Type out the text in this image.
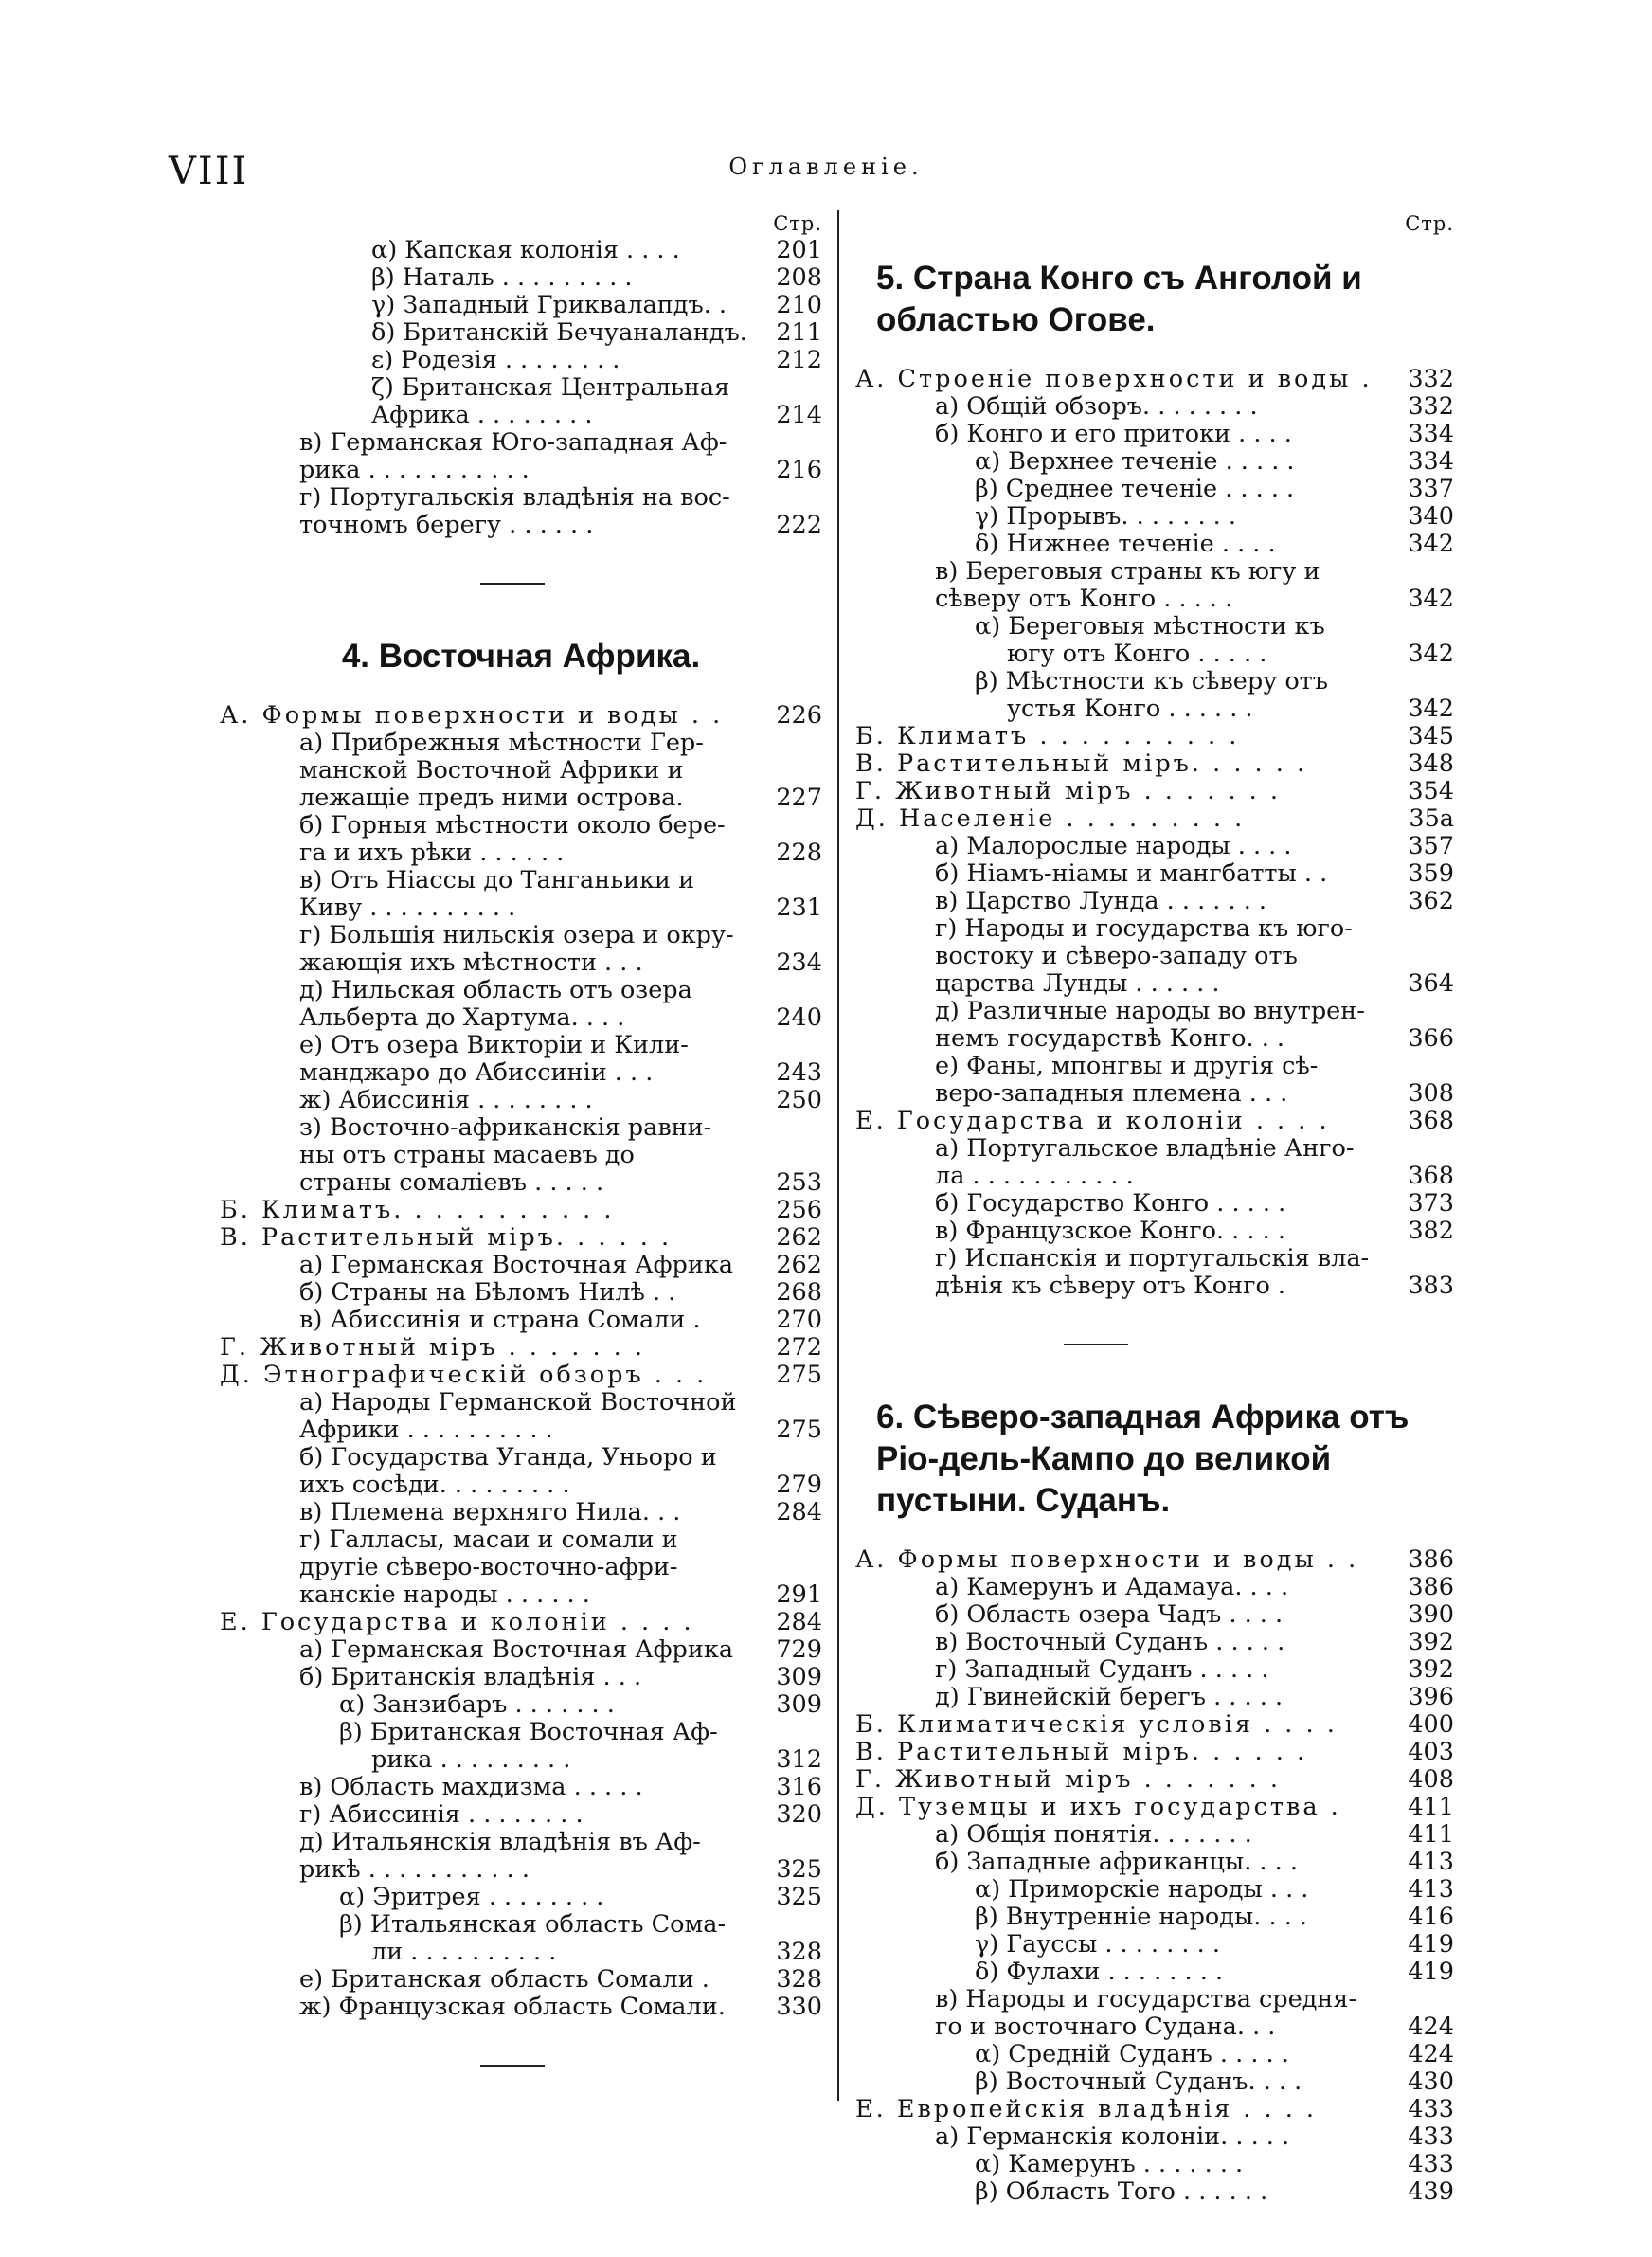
VIII	Оглавленіе.
Стр.
α) Капская колонія . . . .	201
β) Наталь . . . . . . . . .	208
γ) Западный Гриквалапдъ. .	210
δ) Британскій Бечуаналандъ.	211
ε) Родезія . . . . . . . .	212
ζ) Британская Центральная
Африка . . . . . . . .	214
в) Германская Юго-западная Аф-
рика . . . . . . . . . . .	216
г) Португальскія владѣнія на вос-
точномъ берегу . . . . . .	222
4. Восточная Африка.
А. Формы поверхности и воды . .	226
а) Прибрежныя мѣстности Гер-
манской Восточной Африки и
лежащіе предъ ними острова.	227
б) Горныя мѣстности около бере-
га и ихъ рѣки . . . . . .	228
в) Отъ Ніассы до Танганьики и
Киву . . . . . . . . . .	231
г) Большія нильскія озера и окру-
жающія ихъ мѣстности . . .	234
д) Нильская область отъ озера
Альберта до Хартума. . . .	240
е) Отъ озера Викторіи и Кили-
манджаро до Абиссиніи . . .	243
ж) Абиссинія . . . . . . . .	250
з) Восточно-африканскія равни-
ны отъ страны масаевъ до
страны сомалiевъ . . . . .	253
Б. Климатъ. . . . . . . . . . .	256
В. Растительный міръ. . . . . .	262
а) Германская Восточная Африка	262
б) Страны на Бѣломъ Нилѣ . .	268
в) Абиссинія и страна Сомали .	270
Г. Животный міръ . . . . . . .	272
Д. Этнографическій обзоръ . . .	275
а) Народы Германской Восточной
Африки . . . . . . . . . .	275
б) Государства Уганда, Уньоро и
ихъ сосѣди. . . . . . . . .	279
в) Племена верхняго Нила. . .	284
г) Галласы, масаи и сомали и
другіе сѣверо-восточно-афри-
канскіе народы . . . . . .	291
Е. Государства и колоніи . . . .	284
а) Германская Восточная Африка	729
б) Британскія владѣнія . . .	309
α) Занзибаръ . . . . . . .	309
β) Британская Восточная Аф-
рика . . . . . . . . .	312
в) Область махдизма . . . . .	316
г) Абиссинія . . . . . . . .	320
д) Итальянскія владѣнія въ Аф-
рикѣ . . . . . . . . . . .	325
α) Эритрея . . . . . . . .	325
β) Итальянская область Сома-
ли . . . . . . . . . .	328
е) Британская область Сомали .	328
ж) Французская область Сомали.	330
Стр.
5. Страна Конго съ Анголой и областью Огове.
А. Строеніе поверхности и воды .	332
а) Общій обзоръ. . . . . . . .	332
б) Конго и его притоки . . . .	334
α) Верхнее теченіе . . . . .	334
β) Среднее теченіе . . . . .	337
γ) Прорывъ. . . . . . . .	340
δ) Нижнее теченіе . . . .	342
в) Береговыя страны къ югу и
сѣверу отъ Конго . . . . .	342
α) Береговыя мѣстности къ
югу отъ Конго . . . . .	342
β) Мѣстности къ сѣверу отъ
устья Конго . . . . . .	342
Б. Климатъ . . . . . . . . . .	345
В. Растительный міръ. . . . . .	348
Г. Животный міръ . . . . . . .	354
Д. Населеніе . . . . . . . . .	35а
а) Малорослые народы . . . .	357
б) Ніамъ-ніамы и мангбатты . .	359
в) Царство Лунда . . . . . . .	362
г) Народы и государства къ юго-
востоку и сѣверо-западу отъ
царства Лунды . . . . . .	364
д) Различные народы во внутрен-
немъ государствѣ Конго. . .	366
е) Фаны, мпонгвы и другія сѣ-
веро-западныя племена . . .	308
Е. Государства и колоніи . . . .	368
а) Португальское владѣніе Анго-
ла . . . . . . . . . . .	368
б) Государство Конго . . . . .	373
в) Французское Конго. . . . .	382
г) Испанскія и португальскія вла-
дѣнія къ сѣверу отъ Конго .	383
6. Сѣверо-западная Африка отъ Ріо-дель-Кампо до великой пустыни. Суданъ.
А. Формы поверхности и воды . .	386
а) Камерунъ и Адамауа. . . .	386
б) Область озера Чадъ . . . .	390
в) Восточный Суданъ . . . . .	392
г) Западный Суданъ . . . . .	392
д) Гвинейскій берегъ . . . . .	396
Б. Климатическія условія . . . .	400
В. Растительный міръ. . . . . .	403
Г. Животный міръ . . . . . . .	408
Д. Туземцы и ихъ государства .	411
а) Общія понятія. . . . . . .	411
б) Западные африканцы. . . .	413
α) Приморскіе народы . . .	413
β) Внутренніе народы. . . .	416
γ) Гауссы . . . . . . . .	419
δ) Фулахи . . . . . . . .	419
в) Народы и государства средня-
го и восточнаго Судана. . .	424
α) Средній Суданъ . . . . .	424
β) Восточный Суданъ. . . .	430
Е. Европейскія владѣнія . . . .	433
а) Германскія колоніи. . . . .	433
α) Камерунъ . . . . . . .	433
β) Область Того . . . . . .	439
